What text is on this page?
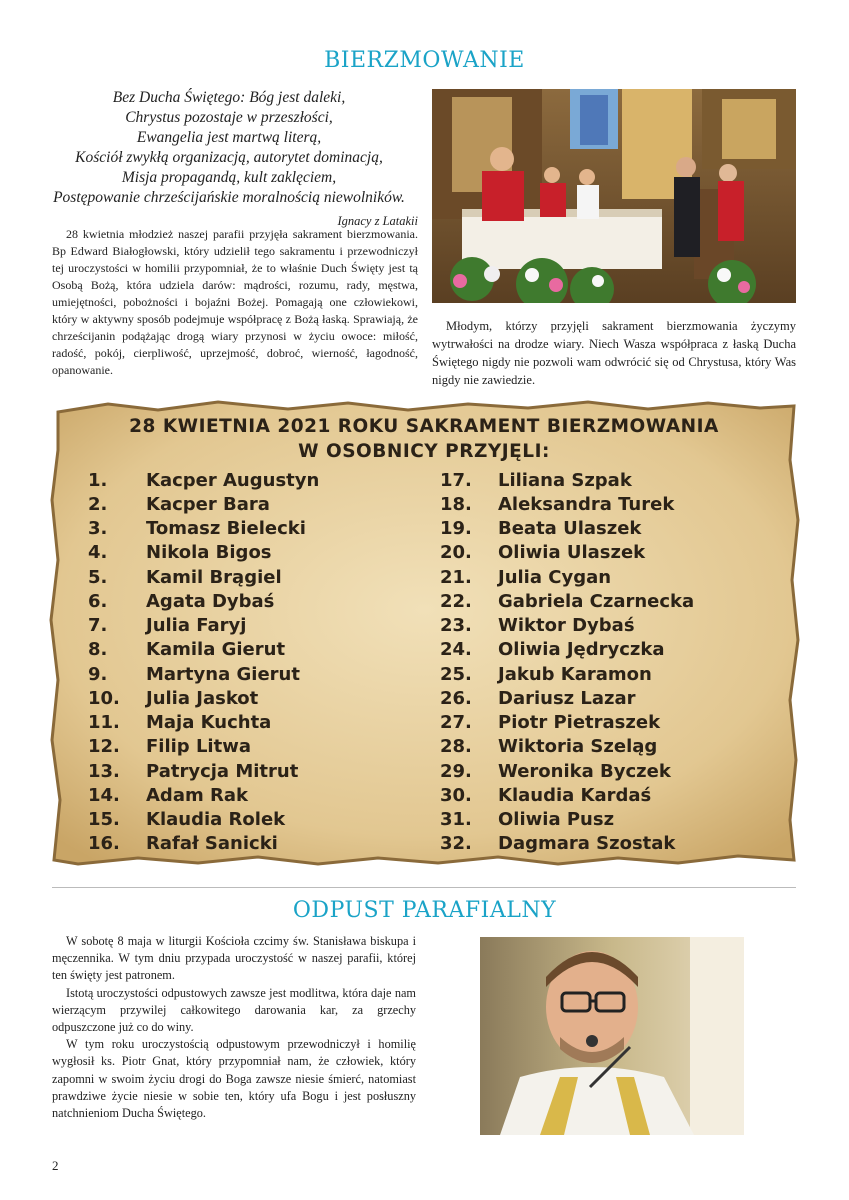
BIERZMOWANIE
Bez Ducha Świętego: Bóg jest daleki,
Chrystus pozostaje w przeszłości,
Ewangelia jest martwą literą,
Kościół zwykłą organizacją, autorytet dominacją,
Misja propagandą, kult zaklęciem,
Postępowanie chrześcijańskie moralnością niewolników.
Ignacy z Latakii

28 kwietnia młodzież naszej parafii przyjęła sakrament bierzmowania. Bp Edward Białogłowski, który udzielił tego sakramentu i przewodniczył tej uroczystości w homilii przypomniał, że to właśnie Duch Święty jest tą Osobą Bożą, która udziela darów: mądrości, rozumu, rady, męstwa, umiejętności, pobożności i bojaźni Bożej. Pomagają one człowiekowi, który w aktywny sposób podejmuje współpracę z Bożą łaską. Sprawiają, że chrześcijanin podążając drogą wiary przynosi w życiu owoce: miłość, radość, pokój, cierpliwość, uprzejmość, dobroć, wierność, łagodność, opanowanie.

Młodym, którzy przyjęli sakrament bierzmowania życzymy wytrwałości na drodze wiary. Niech Wasza współpraca z łaską Ducha Świętego nigdy nie pozwoli wam odwrócić się od Chrystusa, który Was nigdy nie zawiedzie.

28 KWIETNIA 2021 ROKU SAKRAMENT BIERZMOWANIA
W OSOBNICY PRZYJĘLI:
1.	Kacper Augustyn
2.	Kacper Bara
3.	Tomasz Bielecki
4.	Nikola Bigos
5.	Kamil Brągiel
6.	Agata Dybaś
7.	Julia Faryj
8.	Kamila Gierut
9.	Martyna Gierut
10.	Julia Jaskot
11.	Maja Kuchta
12.	Filip Litwa
13.	Patrycja Mitrut
14.	Adam Rak
15.	Klaudia Rolek
16.	Rafał Sanicki
17.	Liliana Szpak
18.	Aleksandra Turek
19.	Beata Ulaszek
20.	Oliwia Ulaszek
21.	Julia Cygan
22.	Gabriela Czarnecka
23.	Wiktor Dybaś
24.	Oliwia Jędryczka
25.	Jakub Karamon
26.	Dariusz Lazar
27.	Piotr Pietraszek
28.	Wiktoria Szeląg
29.	Weronika Byczek
30.	Klaudia Kardaś
31.	Oliwia Pusz
32.	Dagmara Szostak
ODPUST PARAFIALNY

W sobotę 8 maja w liturgii Kościoła czcimy św. Stanisława biskupa i męczennika. W tym dniu przypada uroczystość w naszej parafii, której ten święty jest patronem.

Istotą uroczystości odpustowych zawsze jest modlitwa, która daje nam wierzącym przywilej całkowitego darowania kar, za grzechy odpuszczone już co do winy.

W tym roku uroczystością odpustowym przewodniczył i homilię wygłosił ks. Piotr Gnat, który przypomniał nam, że człowiek, który zapomni w swoim życiu drogi do Boga zawsze niesie śmierć, natomiast prawdziwe życie niesie w sobie ten, który ufa Bogu i jest posłuszny natchnieniom Ducha Świętego.

2
